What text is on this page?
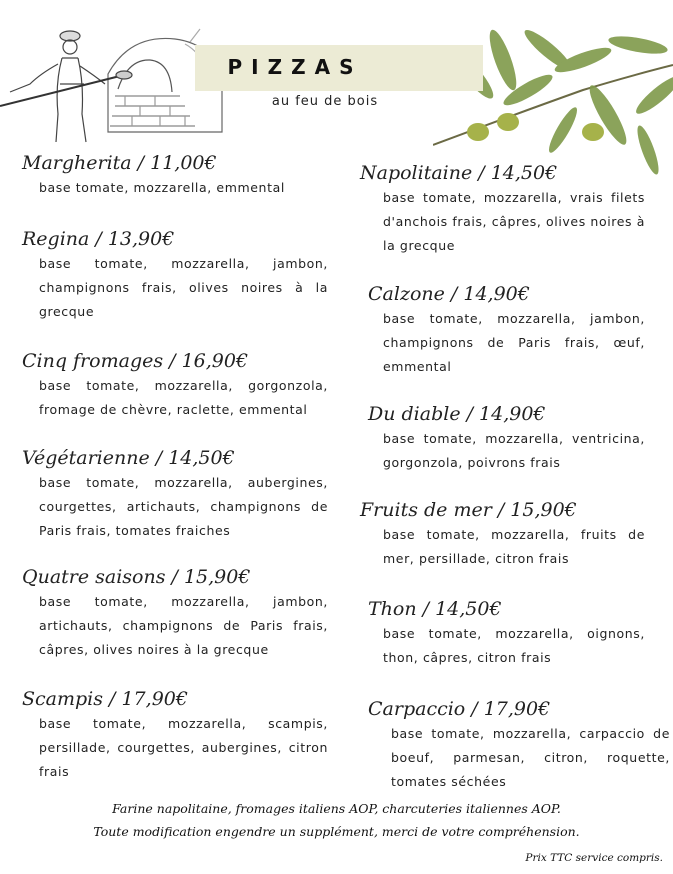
PIZZAS
au feu de bois
Margherita / 11,00€
base tomate, mozzarella, emmental
Regina / 13,90€
base tomate, mozzarella, jambon, champignons frais, olives noires à la grecque
Cinq fromages / 16,90€
base tomate, mozzarella, gorgonzola, fromage de chèvre, raclette, emmental
Végétarienne / 14,50€
base tomate, mozzarella, aubergines, courgettes, artichauts, champignons de Paris frais, tomates fraiches
Quatre saisons / 15,90€
base tomate, mozzarella, jambon, artichauts, champignons de Paris frais, câpres, olives noires à la grecque
Scampis / 17,90€
base tomate, mozzarella, scampis, persillade, courgettes, aubergines, citron frais
Napolitaine / 14,50€
base tomate, mozzarella, vrais filets d'anchois frais, câpres, olives noires à la grecque
Calzone / 14,90€
base tomate, mozzarella, jambon, champignons de Paris frais, œuf, emmental
Du diable / 14,90€
base tomate, mozzarella, ventricina, gorgonzola, poivrons frais
Fruits de mer / 15,90€
base tomate, mozzarella, fruits de mer, persillade, citron frais
Thon / 14,50€
base tomate, mozzarella, oignons, thon, câpres, citron frais
Carpaccio / 17,90€
base tomate, mozzarella, carpaccio de boeuf, parmesan, citron, roquette, tomates séchées
Farine napolitaine, fromages italiens AOP, charcuteries italiennes AOP.
Toute modification engendre un supplément, merci de votre compréhension.
Prix TTC service compris.
